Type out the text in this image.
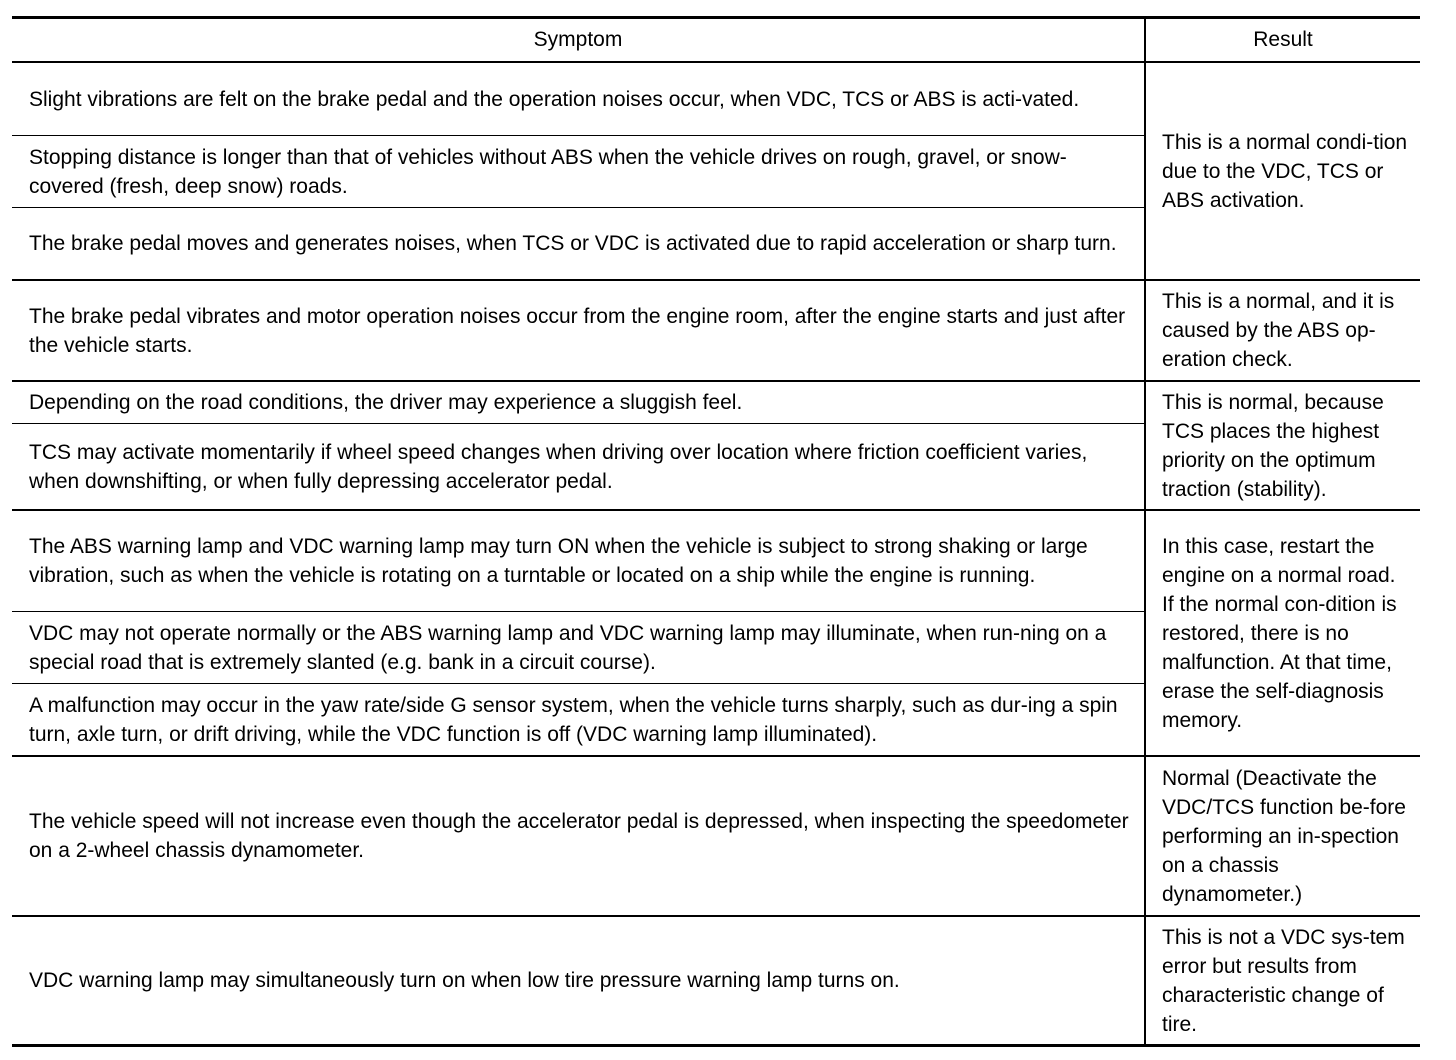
Symptom	Result
Slight vibrations are felt on the brake pedal and the operation noises occur, when VDC, TCS or ABS is acti-vated.	This is a normal condi-tion due to the VDC, TCS or ABS activation.
Stopping distance is longer than that of vehicles without ABS when the vehicle drives on rough, gravel, or snow-covered (fresh, deep snow) roads.	
The brake pedal moves and generates noises, when TCS or VDC is activated due to rapid acceleration or sharp turn.	
The brake pedal vibrates and motor operation noises occur from the engine room, after the engine starts and just after the vehicle starts.	This is a normal, and it is caused by the ABS op-eration check.
Depending on the road conditions, the driver may experience a sluggish feel.	This is normal, because TCS places the highest priority on the optimum traction (stability).
TCS may activate momentarily if wheel speed changes when driving over location where friction coefficient varies, when downshifting, or when fully depressing accelerator pedal.	
The ABS warning lamp and VDC warning lamp may turn ON when the vehicle is subject to strong shaking or large vibration, such as when the vehicle is rotating on a turntable or located on a ship while the engine is running.	In this case, restart the engine on a normal road. If the normal con-dition is restored, there is no malfunction. At that time, erase the self-diagnosis memory.
VDC may not operate normally or the ABS warning lamp and VDC warning lamp may illuminate, when run-ning on a special road that is extremely slanted (e.g. bank in a circuit course).	
A malfunction may occur in the yaw rate/side G sensor system, when the vehicle turns sharply, such as dur-ing a spin turn, axle turn, or drift driving, while the VDC function is off (VDC warning lamp illuminated).	
The vehicle speed will not increase even though the accelerator pedal is depressed, when inspecting the speedometer on a 2-wheel chassis dynamometer.	Normal (Deactivate the VDC/TCS function be-fore performing an in-spection on a chassis dynamometer.)
VDC warning lamp may simultaneously turn on when low tire pressure warning lamp turns on.	This is not a VDC sys-tem error but results from characteristic change of tire.
